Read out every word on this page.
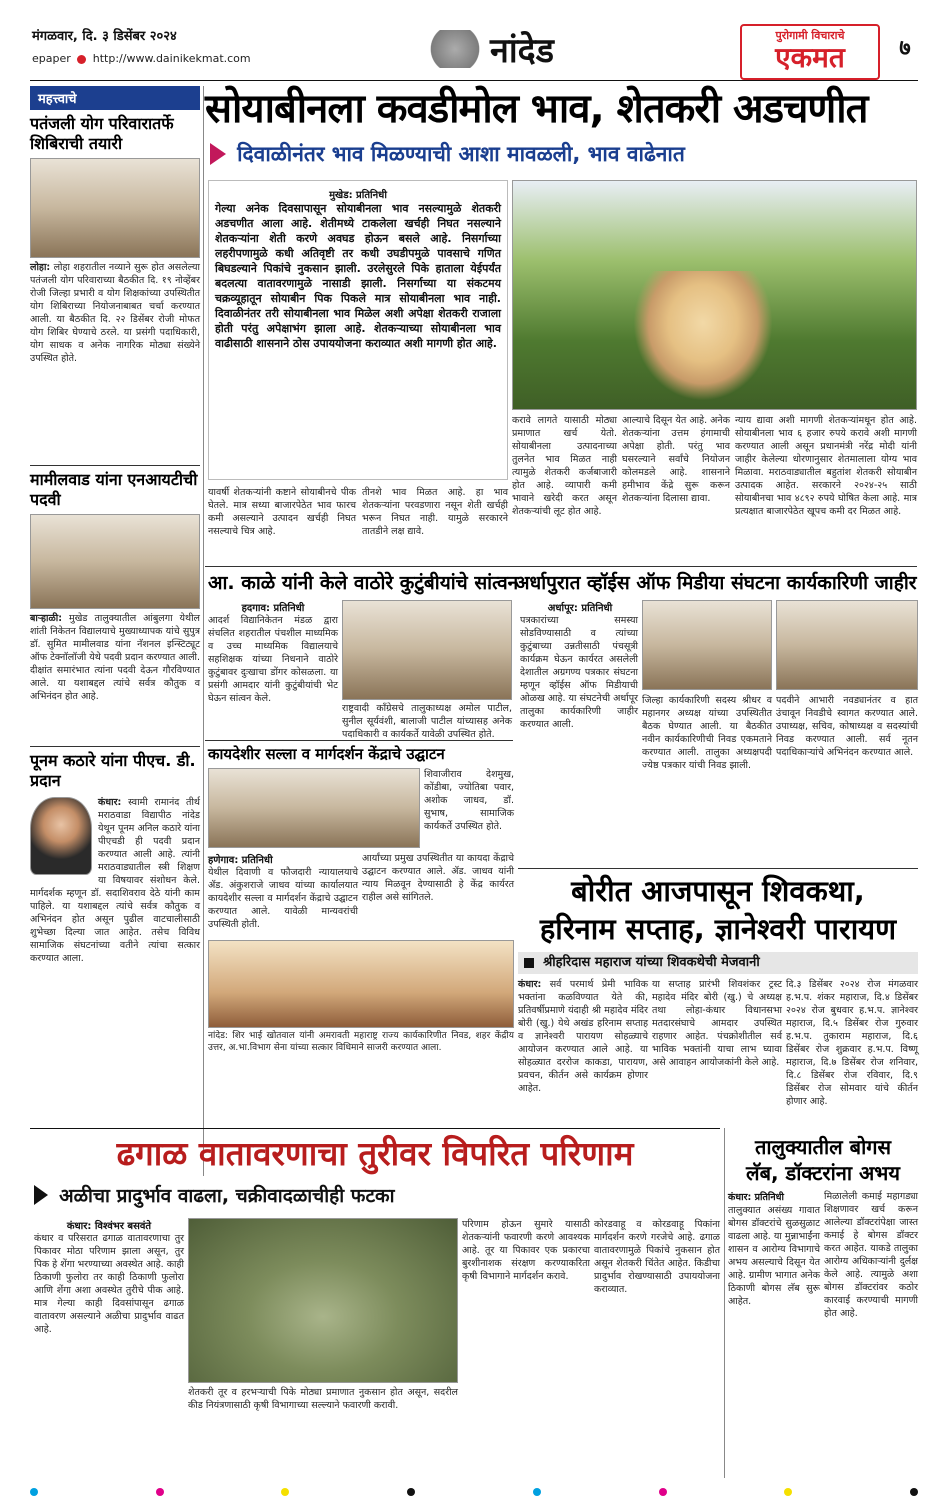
मंगळवार, दि. ३ डिसेंबर २०२४
epaper http://www.dainikekmat.com	नांदेड	पुरोगामी विचाराचे
एकमत	७
महत्त्वाचे
पतंजली योग परिवारातर्फे शिबिराची तयारी
लोहा: लोहा शहरातील नव्याने सुरू होत असलेल्या पतंजली योग परिवाराच्या बैठकीत दि. १९ नोव्हेंबर रोजी जिल्हा प्रभारी व योग शिक्षकांच्या उपस्थितीत योग शिबिराच्या नियोजनाबाबत चर्चा करण्यात आली. या बैठकीत दि. २२ डिसेंबर रोजी मोफत योग शिबिर घेण्याचे ठरले. या प्रसंगी पदाधिकारी, योग साधक व अनेक नागरिक मोठ्या संख्येने उपस्थित होते.
मामीलवाड यांना एनआयटीची पदवी
बाऱ्हाळी: मुखेड तालुक्यातील आंबुलगा येथील शांती निकेतन विद्यालयाचे मुख्याध्यापक यांचे सुपुत्र डॉ. सुमित मामीलवाड यांना नॅशनल इन्स्टिट्यूट ऑफ टेक्नॉलॉजी येथे पदवी प्रदान करण्यात आली. दीक्षांत समारंभात त्यांना पदवी देऊन गौरविण्यात आले. या यशाबद्दल त्यांचे सर्वत्र कौतुक व अभिनंदन होत आहे.
पूनम कठारे यांना पीएच. डी. प्रदान
कंधार: स्वामी रामानंद तीर्थ मराठवाडा विद्यापीठ नांदेड येथून पूनम अनिल कठारे यांना पीएचडी ही पदवी प्रदान करण्यात आली आहे. त्यांनी मराठवाड्यातील स्त्री शिक्षण या विषयावर संशोधन केले. मार्गदर्शक म्हणून डॉ. सदाशिवराव देठे यांनी काम पाहिले. या यशाबद्दल त्यांचे सर्वत्र कौतुक व अभिनंदन होत असून पुढील वाटचालीसाठी शुभेच्छा दिल्या जात आहेत. तसेच विविध सामाजिक संघटनांच्या वतीने त्यांचा सत्कार करण्यात आला.
सोयाबीनला कवडीमोल भाव, शेतकरी अडचणीत
दिवाळीनंतर भाव मिळण्याची आशा मावळली, भाव वाढेनात
मुखेड: प्रतिनिधी
गेल्या अनेक दिवसापासून सोयाबीनला भाव नसल्यामुळे शेतकरी अडचणीत आला आहे. शेतीमध्ये टाकलेला खर्चही निघत नसल्याने शेतकऱ्यांना शेती करणे अवघड होऊन बसले आहे. निसर्गाच्या लहरीपणामुळे कधी अतिवृष्टी तर कधी उघडीपमुळे पावसाचे गणित बिघडल्याने पिकांचे नुकसान झाली. उरलेसुरले पिके हाताला येईपर्यंत बदलत्या वातावरणामुळे नासाडी झाली. निसर्गाच्या या संकटमय चक्रव्यूहातून सोयाबीन पिक पिकले मात्र सोयाबीनला भाव नाही. दिवाळीनंतर तरी सोयाबीनला भाव मिळेल अशी अपेक्षा शेतकरी राजाला होती परंतु अपेक्षाभंग झाला आहे. शेतकऱ्याच्या सोयाबीनला भाव वाढीसाठी शासनाने ठोस उपाययोजना कराव्यात अशी मागणी होत आहे.
न्याय द्यावा अशी मागणी शेतकऱ्यांमधून होत आहे. सोयाबीनला भाव ६ हजार रुपये करावे अशी मागणी करण्यात आली असून प्रधानमंत्री नरेंद्र मोदी यांनी जाहीर केलेल्या धोरणानुसार शेतमालाला योग्य भाव मिळावा. मराठवाड्यातील बहुतांश शेतकरी सोयाबीन उत्पादक आहेत. सरकारने २०२४-२५ साठी सोयाबीनचा भाव ४८९२ रुपये घोषित केला आहे. मात्र प्रत्यक्षात बाजारपेठेत खूपच कमी दर मिळत आहे.
करावे लागते यासाठी मोठ्या प्रमाणात खर्च येतो. सोयाबीनला उत्पादनाच्या तुलनेत भाव मिळत नाही त्यामुळे शेतकरी कर्जबाजारी होत आहे. व्यापारी कमी भावाने खरेदी करत असून शेतकऱ्यांची लूट होत आहे.
आल्याचे दिसून येत आहे. अनेक शेतकऱ्यांना उत्तम हंगामाची अपेक्षा होती. परंतु भाव घसरल्याने सर्वांचे नियोजन कोलमडले आहे. शासनाने हमीभाव केंद्रे सुरू करून शेतकऱ्यांना दिलासा द्यावा.
यावर्षी शेतकऱ्यांनी कष्टाने सोयाबीनचे पीक घेतले. मात्र सध्या बाजारपेठेत भाव फारच कमी असल्याने उत्पादन खर्चही निघत नसल्याचे चित्र आहे.
तीनशे भाव मिळत आहे. हा भाव शेतकऱ्यांना परवडणारा नसून शेती खर्चही भरून निघत नाही. यामुळे सरकारने तातडीने लक्ष द्यावे.
आ. काळे यांनी केले वाठोरे कुटुंबीयांचे सांत्वन
हदगाव: प्रतिनिधी
आदर्श विद्यानिकेतन मंडळ द्वारा संचलित शहरातील पंचशील माध्यमिक व उच्च माध्यमिक विद्यालयाचे सहशिक्षक यांच्या निधनाने वाठोरे कुटुंबावर दुःखाचा डोंगर कोसळला. या प्रसंगी आमदार यांनी कुटुंबीयांची भेट घेऊन सांत्वन केले.
राष्ट्रवादी काँग्रेसचे तालुकाध्यक्ष अमोल पाटील, सुनील सूर्यवंशी, बालाजी पाटील यांच्यासह अनेक पदाधिकारी व कार्यकर्ते यावेळी उपस्थित होते.
अर्धापुरात व्हॉईस ऑफ मिडीया संघटना कार्यकारिणी जाहीर
अर्धापूर: प्रतिनिधी
पत्रकारांच्या समस्या सोडविण्यासाठी व त्यांच्या कुटुंबाच्या उन्नतीसाठी पंचसूत्री कार्यक्रम घेऊन कार्यरत असलेली देशातील अग्रगण्य पत्रकार संघटना म्हणून व्हॉईस ऑफ मिडीयाची ओळख आहे. या संघटनेची अर्धापूर तालुका कार्यकारिणी जाहीर करण्यात आली.
जिल्हा कार्यकारिणी सदस्य श्रीधर व महानगर अध्यक्ष यांच्या उपस्थितीत बैठक घेण्यात आली. या बैठकीत नवीन कार्यकारिणीची निवड एकमताने करण्यात आली. तालुका अध्यक्षपदी ज्येष्ठ पत्रकार यांची निवड झाली.
पदवीने आभारी नवड्यानंतर व हात उंचावून निवडीचे स्वागत करण्यात आले. उपाध्यक्ष, सचिव, कोषाध्यक्ष व सदस्यांची निवड करण्यात आली. सर्व नूतन पदाधिकाऱ्यांचे अभिनंदन करण्यात आले.
कायदेशीर सल्ला व मार्गदर्शन केंद्राचे उद्घाटन
शिवाजीराव देशमुख, कोंडीबा, ज्योतिबा पवार, अशोक जाधव, डॉ. सुभाष, सामाजिक कार्यकर्ते उपस्थित होते.
हणेगाव: प्रतिनिधी
येथील दिवाणी व फौजदारी न्यायालयाचे ॲड. अंकुशराजे जाधव यांच्या कार्यालयात कायदेशीर सल्ला व मार्गदर्शन केंद्राचे उद्घाटन करण्यात आले. यावेळी मान्यवरांची उपस्थिती होती.
आर्यांच्या प्रमुख उपस्थितीत या कायदा केंद्राचे उद्घाटन करण्यात आले. ॲड. जाधव यांनी न्याय मिळवून देण्यासाठी हे केंद्र कार्यरत राहील असे सांगितले.
नांदेड: शिर भाई खोतवाल यांनी अमरावती महाराष्ट्र राज्य कार्यकारिणीत निवड, शहर केंद्रीय उत्तर, अ.भा.विभाग सेना यांच्या सत्कार विधिमाने साजरी करण्यात आला.
बोरीत आजपासून शिवकथा,
हरिनाम सप्ताह, ज्ञानेश्वरी पारायण
$^{श्रीहरिदास महाराज यांच्या शिवकथेची मेजवानी}$
कंधार: सर्व परमार्थ प्रेमी भाविक भक्तांना कळविण्यात येते की, प्रतिवर्षीप्रमाणे यंदाही श्री महादेव मंदिर बोरी (खु.) येथे अखंड हरिनाम सप्ताह व ज्ञानेश्वरी पारायण सोहळ्याचे आयोजन करण्यात आले आहे. या सोहळ्यात दररोज काकडा, पारायण, प्रवचन, कीर्तन असे कार्यक्रम होणार आहेत.
या सप्ताह प्रारंभी शिवशंकर ट्रस्ट महादेव मंदिर बोरी (खु.) चे अध्यक्ष तथा लोहा-कंधार विधानसभा मतदारसंघाचे आमदार उपस्थित राहणार आहेत. पंचक्रोशीतील सर्व भाविक भक्तांनी याचा लाभ घ्यावा असे आवाहन आयोजकांनी केले आहे.
दि.३ डिसेंबर २०२४ रोज मंगळवार ह.भ.प. शंकर महाराज, दि.४ डिसेंबर २०२४ रोज बुधवार ह.भ.प. ज्ञानेश्वर महाराज, दि.५ डिसेंबर रोज गुरुवार ह.भ.प. तुकाराम महाराज, दि.६ डिसेंबर रोज शुक्रवार ह.भ.प. विष्णू महाराज, दि.७ डिसेंबर रोज शनिवार, दि.८ डिसेंबर रोज रविवार, दि.९ डिसेंबर रोज सोमवार यांचे कीर्तन होणार आहे.
ढगाळ वातावरणाचा तुरीवर विपरित परिणाम
अळीचा प्रादुर्भाव वाढला, चक्रीवादळाचीही फटका
कंधार: विश्वंभर बसवंते
कंधार व परिसरात ढगाळ वातावरणाचा तुर पिकावर मोठा परिणाम झाला असून, तुर पिक हे शेंगा भरण्याच्या अवस्थेत आहे. काही ठिकाणी फुलोरा तर काही ठिकाणी फुलोरा आणि शेंगा अशा अवस्थेत तुरीचे पीक आहे. मात्र गेल्या काही दिवसांपासून ढगाळ वातावरण असल्याने अळीचा प्रादुर्भाव वाढत आहे.
शेतकरी तूर व हरभऱ्याची पिके मोठ्या प्रमाणात नुकसान होत असून, सदरील कीड नियंत्रणासाठी कृषी विभागाच्या सल्ल्याने फवारणी करावी.
परिणाम होऊन सुमारे यासाठी शेतकऱ्यांनी फवारणी करणे आवश्यक आहे. तूर या पिकावर एक प्रकारचा बुरशीनाशक संरक्षण करण्याकरिता कृषी विभागाने मार्गदर्शन करावे.
कोरडवाहू व कोरडवाहू पिकांना मार्गदर्शन करणे गरजेचे आहे. ढगाळ वातावरणामुळे पिकांचे नुकसान होत असून शेतकरी चिंतेत आहेत. किडीचा प्रादुर्भाव रोखण्यासाठी उपाययोजना कराव्यात.
तालुक्यातील बोगस
लॅब, डॉक्टरांना अभय
कंधार: प्रतिनिधी
तालुक्यात असंख्य गावात बोगस डॉक्टरांचे सुळसुळाट वाढला आहे. या मुन्नाभाईंना शासन व आरोग्य विभागाचे अभय असल्याचे दिसून येत आहे. ग्रामीण भागात अनेक ठिकाणी बोगस लॅब सुरू आहेत.
मिळालेली कमाई महागड्या शिक्षणावर खर्च करून आलेल्या डॉक्टरांपेक्षा जास्त कमाई हे बोगस डॉक्टर करत आहेत. याकडे तालुका आरोग्य अधिकाऱ्यांनी दुर्लक्ष केले आहे. त्यामुळे अशा बोगस डॉक्टरांवर कठोर कारवाई करण्याची मागणी होत आहे.
